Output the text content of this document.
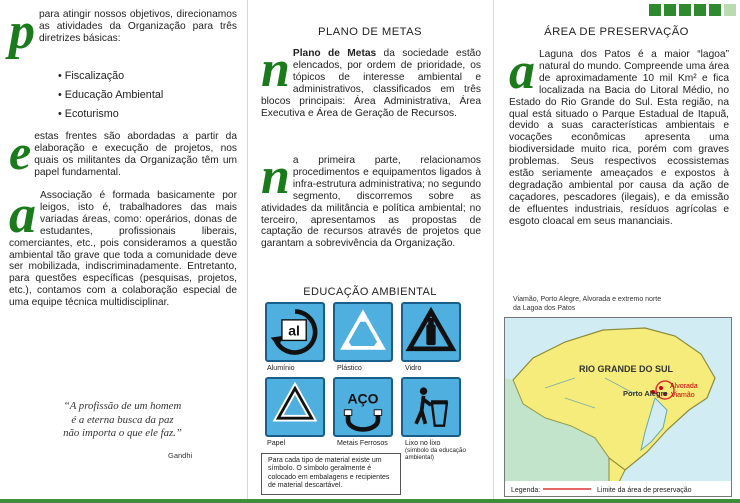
ppara atingir nossos objetivos, direcionamos as atividades da Organização para três diretrizes básicas:
• Fiscalização
• Educação Ambiental
• Ecoturismo
eestas frentes são abordadas a partir da elaboração e execução de projetos, nos quais os militantes da Organização têm um papel fundamental.
a Associação é formada basicamente por leigos, isto é, trabalhadores das mais variadas áreas, como: operários, donas de estudantes, profissionais liberais, comerciantes, etc., pois consideramos a questão ambiental tão grave que toda a comunidade deve ser mobilizada, indiscriminadamente. Entretanto, para questões específicas (pesquisas, projetos, etc.), contamos com a colaboração especial de uma equipe técnica multidisciplinar.
“A profissão de um homem
é a eterna busca da paz
não importa o que ele faz.”
Gandhi
PLANO DE METAS
n Plano de Metas da sociedade estão elencados, por ordem de prioridade, os tópicos de interesse ambiental e administrativos, classificados em três blocos principais: Área Administrativa, Área Executiva e Área de Geração de Recursos.
na primeira parte, relacionamos procedimentos e equipamentos ligados à infra-estrutura administrativa; no segundo segmento, discorremos sobre as atividades da militância e política ambiental; no terceiro, apresentamos as propostas de captação de recursos através de projetos que garantam a sobrevivência da Organização.
EDUCAÇÃO AMBIENTAL
al
Alumínio	Plástico	Vidro
AÇO
Papel	Metais Ferrosos Lixo no lixo
(símbolo da educação ambiental)
Para cada tipo de material existe um símbolo. O símbolo geralmente é colocado em embalagens e recipientes de material descartável.
ÁREA DE PRESERVAÇÃO
a Laguna dos Patos é a maior “lagoa” natural do mundo. Compreende uma área de aproximadamente 10 mil Km² e fica localizada na Bacia do Litoral Médio, no Estado do Rio Grande do Sul. Esta região, na qual está situado o Parque Estadual de Itapuã, devido a suas características ambientais e vocações econômicas apresenta uma biodiversidade muito rica, porém com graves problemas. Seus respectivos ecossistemas estão seriamente ameaçados e expostos à degradação ambiental por causa da ação de caçadores, pescadores (ilegais), e da emissão de efluentes industriais, resíduos agrícolas e esgoto cloacal em seus mananciais.
Viamão, Porto Alegre, Alvorada e extremo norte da Lagoa dos Patos
RIO GRANDE DO SUL
Porto Alegre
Alvorada
Viamão
Legenda:	Limite da área de preservação
